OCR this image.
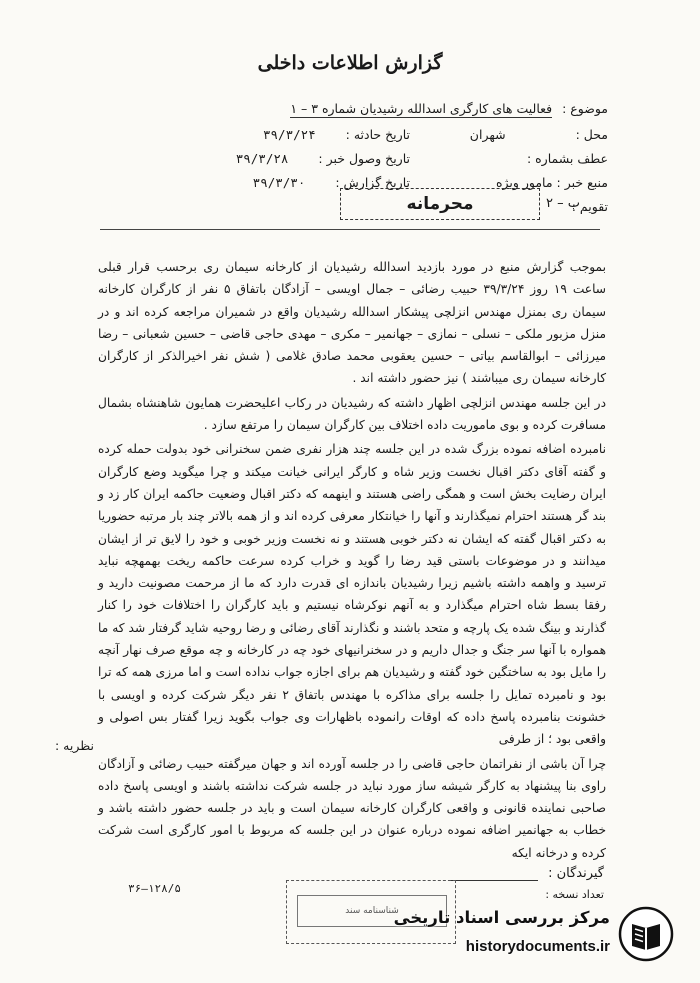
گزارش اطلاعات داخلی
موضوع : فعالیت های کارگری اسدالله رشیدیان شماره ۳ – ۱
محل : شهران
تاریخ حادثه : ۳۹/۳/۲۴
عطف بشماره :
تاریخ وصول خبر : ۳۹/۳/۲۸
منبع خبر : مامور ویژه
تاریخ گزارش : ۳۹/۳/۳۰
تقویم :
ب – ۲
محرمانه

بموجب گزارش منبع در مورد بازدید اسدالله رشیدیان از کارخانه سیمان ری برحسب قرار قبلی ساعت ۱۹ روز ۳۹/۳/۲۴ حبیب رضائی – جمال اویسی – آزادگان باتفاق ۵ نفر از کارگران کارخانه سیمان ری بمنزل مهندس انزلچی پیشکار اسدالله رشیدیان واقع در شمیران مراجعه کرده اند و در منزل مزبور ملکی – نسلی – نمازی – جهانمیر – مکری – مهدی حاجی قاضی – حسین شعبانی – رضا میرزائی – ابوالقاسم بیاتی – حسین یعقوبی محمد صادق غلامی ( شش نفر اخیرالذکر از کارگران کارخانه سیمان ری میباشند ) نیز حضور داشته اند .

در این جلسه مهندس انزلچی اظهار داشته که رشیدیان در رکاب اعلیحضرت همایون شاهنشاه بشمال مسافرت کرده و بوی ماموریت داده اختلاف بین کارگران سیمان را مرتفع سازد .

نامبرده اضافه نموده بزرگ شده در این جلسه چند هزار نفری ضمن سخنرانی خود بدولت حمله کرده و گفته آقای دکتر اقبال نخست وزیر شاه و کارگر ایرانی خیانت میکند و چرا میگوید وضع کارگران ایران رضایت بخش است و همگی راضی هستند و اینهمه که دکتر اقبال وضعیت حاکمه ایران کار زد و بند گر هستند احترام نمیگذارند و آنها را خیانتکار معرفی کرده اند و از همه بالاتر چند بار مرتبه حضوریا به دکتر اقبال گفته که ایشان نه دکتر خوبی هستند و نه نخست وزیر خوبی و خود را لایق تر از ایشان میدانند و در موضوعات باستی قید رضا را گوید و خراب کرده سرعت حاکمه ریخت بهمهچه نباید ترسید و واهمه داشته باشیم زیرا رشیدیان باندازه ای قدرت دارد که ما از مرحمت مصونیت دارید و رفقا بسط شاه احترام میگذارد و به آنهم نوکرشاه نیستیم و باید کارگران را اختلافات خود را کنار گذارند و بینگ شده یک پارچه و متحد باشند و نگذارند آقای رضائی و رضا روحیه شاید گرفتار شد که ما همواره با آنها سر جنگ و جدال داریم و در سخنرانیهای خود چه در کارخانه و چه موقع صرف نهار آنچه را مایل بود به ساختگین خود گفته و رشیدیان هم برای اجازه جواب نداده است و اما مرزی همه که ترا بود و نامبرده تمایل را جلسه برای مذاکره با مهندس باتفاق ۲ نفر دیگر شرکت کرده و اویسی با خشونت بنامبرده پاسخ داده که اوقات رانموده باظهارات وی جواب بگوید زیرا گفتار بس اصولی و واقعی بود ؛ از طرفی

چرا آن باشی از نفراتمان حاجی قاضی را در جلسه آورده اند و جهان میرگفته حبیب رضائی و آزادگان راوی بنا پیشنهاد به کارگر شیشه ساز مورد نباید در جلسه شرکت نداشته باشند و اویسی پاسخ داده صاحبی نماینده قانونی و واقعی کارگران کارخانه سیمان است و باید در جلسه حضور داشته باشد و خطاب به جهانمیر اضافه نموده درباره عنوان در این جلسه که مربوط با امور کارگری است شرکت کرده و درخانه ایکه

نظریه :
گیرندگان :
تعداد نسخه :
۳۶–۱۲۸/۵
شناسنامه سند
مرکز بررسی اسناد تاریخی
historydocuments.ir
